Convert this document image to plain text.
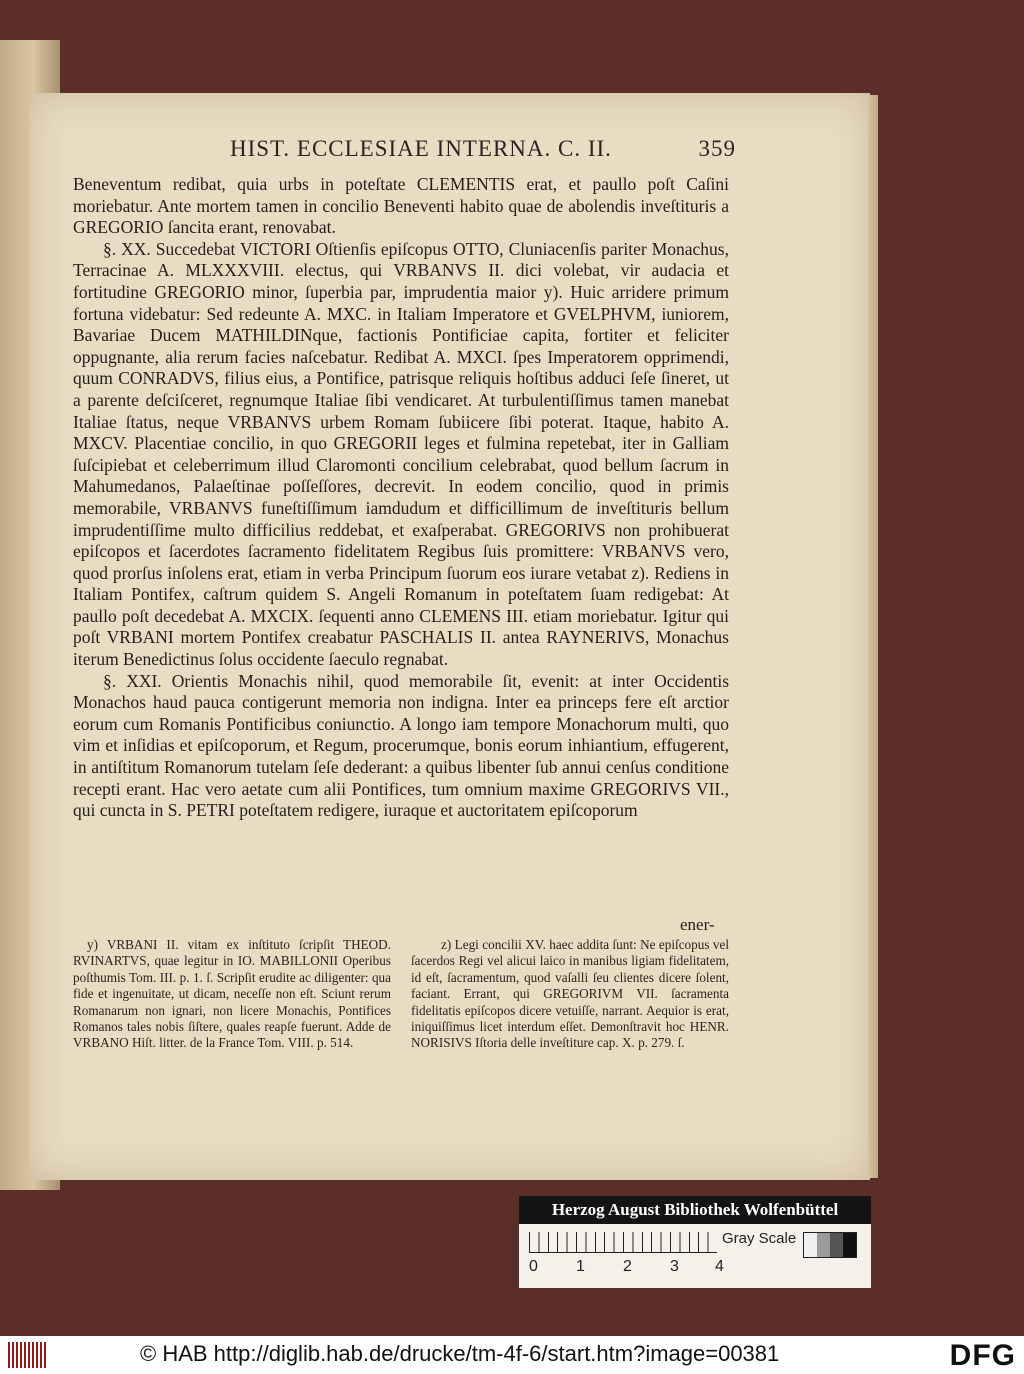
HIST. ECCLESIAE INTERNA. C. II.	359

Beneventum redibat, quia urbs in poteſtate CLEMENTIS erat, et paullo poſt Caſini moriebatur. Ante mortem tamen in concilio Beneventi habito quae de abolendis inveſtituris a GREGORIO ſancita erant, renovabat.

§. XX. Succedebat VICTORI Oſtienſis epiſcopus OTTO, Cluniacenſis pariter Monachus, Terracinae A. MLXXXVIII. electus, qui VRBANVS II. dici volebat, vir audacia et fortitudine GREGORIO minor, ſuperbia par, imprudentia maior y). Huic arridere primum fortuna videbatur: Sed redeunte A. MXC. in Italiam Imperatore et GVELPHVM, iuniorem, Bavariae Ducem MATHILDINque, factionis Pontificiae capita, fortiter et feliciter oppugnante, alia rerum facies naſcebatur. Redibat A. MXCI. ſpes Imperatorem opprimendi, quum CONRADVS, filius eius, a Pontifice, patrisque reliquis hoſtibus adduci ſeſe ſineret, ut a parente deſciſceret, regnumque Italiae ſibi vendicaret. At turbulentiſſimus tamen manebat Italiae ſtatus, neque VRBANVS urbem Romam ſubiicere ſibi poterat. Itaque, habito A. MXCV. Placentiae concilio, in quo GREGORII leges et fulmina repetebat, iter in Galliam ſuſcipiebat et celeberrimum illud Claromonti concilium celebrabat, quod bellum ſacrum in Mahumedanos, Palaeſtinae poſſeſſores, decrevit. In eodem concilio, quod in primis memorabile, VRBANVS funeſtiſſimum iamdudum et difficillimum de inveſtituris bellum imprudentiſſime multo difficilius reddebat, et exaſperabat. GREGORIVS non prohibuerat epiſcopos et ſacerdotes ſacramento fidelitatem Regibus ſuis promittere: VRBANVS vero, quod prorſus inſolens erat, etiam in verba Principum ſuorum eos iurare vetabat z). Rediens in Italiam Pontifex, caſtrum quidem S. Angeli Romanum in poteſtatem ſuam redigebat: At paullo poſt decedebat A. MXCIX. ſequenti anno CLEMENS III. etiam moriebatur. Igitur qui poſt VRBANI mortem Pontifex creabatur PASCHALIS II. antea RAYNERIVS, Monachus iterum Benedictinus ſolus occidente ſaeculo regnabat.

§. XXI. Orientis Monachis nihil, quod memorabile ſit, evenit: at inter Occidentis Monachos haud pauca contigerunt memoria non indigna. Inter ea princeps fere eſt arctior eorum cum Romanis Pontificibus coniunctio. A longo iam tempore Monachorum multi, quo vim et inſidias et epiſcoporum, et Regum, procerumque, bonis eorum inhiantium, effugerent, in antiſtitum Romanorum tutelam ſeſe dederant: a quibus libenter ſub annui cenſus conditione recepti erant. Hac vero aetate cum alii Pontifices, tum omnium maxime GREGORIVS VII., qui cuncta in S. PETRI poteſtatem redigere, iuraque et auctoritatem epiſcoporum

ener-
y) VRBANI II. vitam ex inſtituto ſcripſit THEOD. RVINARTVS, quae legitur in IO. MABILLONII Operibus poſthumis Tom. III. p. 1. ſ. Scripſit erudite ac diligenter: qua fide et ingenuitate, ut dicam, neceſſe non eſt. Sciunt rerum Romanarum non ignari, non licere Monachis, Pontifices Romanos tales nobis ſiſtere, quales reapſe fuerunt. Adde de VRBANO Hiſt. litter. de la France Tom. VIII. p. 514.
z) Legi concilii XV. haec addita ſunt: Ne epiſcopus vel ſacerdos Regi vel alicui laico in manibus ligiam fidelitatem, id eſt, ſacramentum, quod vaſalli ſeu clientes dicere ſolent, faciant. Errant, qui GREGORIVM VII. ſacramenta fidelitatis epiſcopos dicere vetuiſſe, narrant. Aequior is erat, iniquiſſimus licet interdum eſſet. Demonſtravit hoc HENR. NORISIVS Iſtoria delle inveſtiture cap. X. p. 279. ſ.
Herzog August Bibliothek Wolfenbüttel
Gray Scale
0 1 2 3 4
© HAB http://diglib.hab.de/drucke/tm-4f-6/start.htm?image=00381	DFG
